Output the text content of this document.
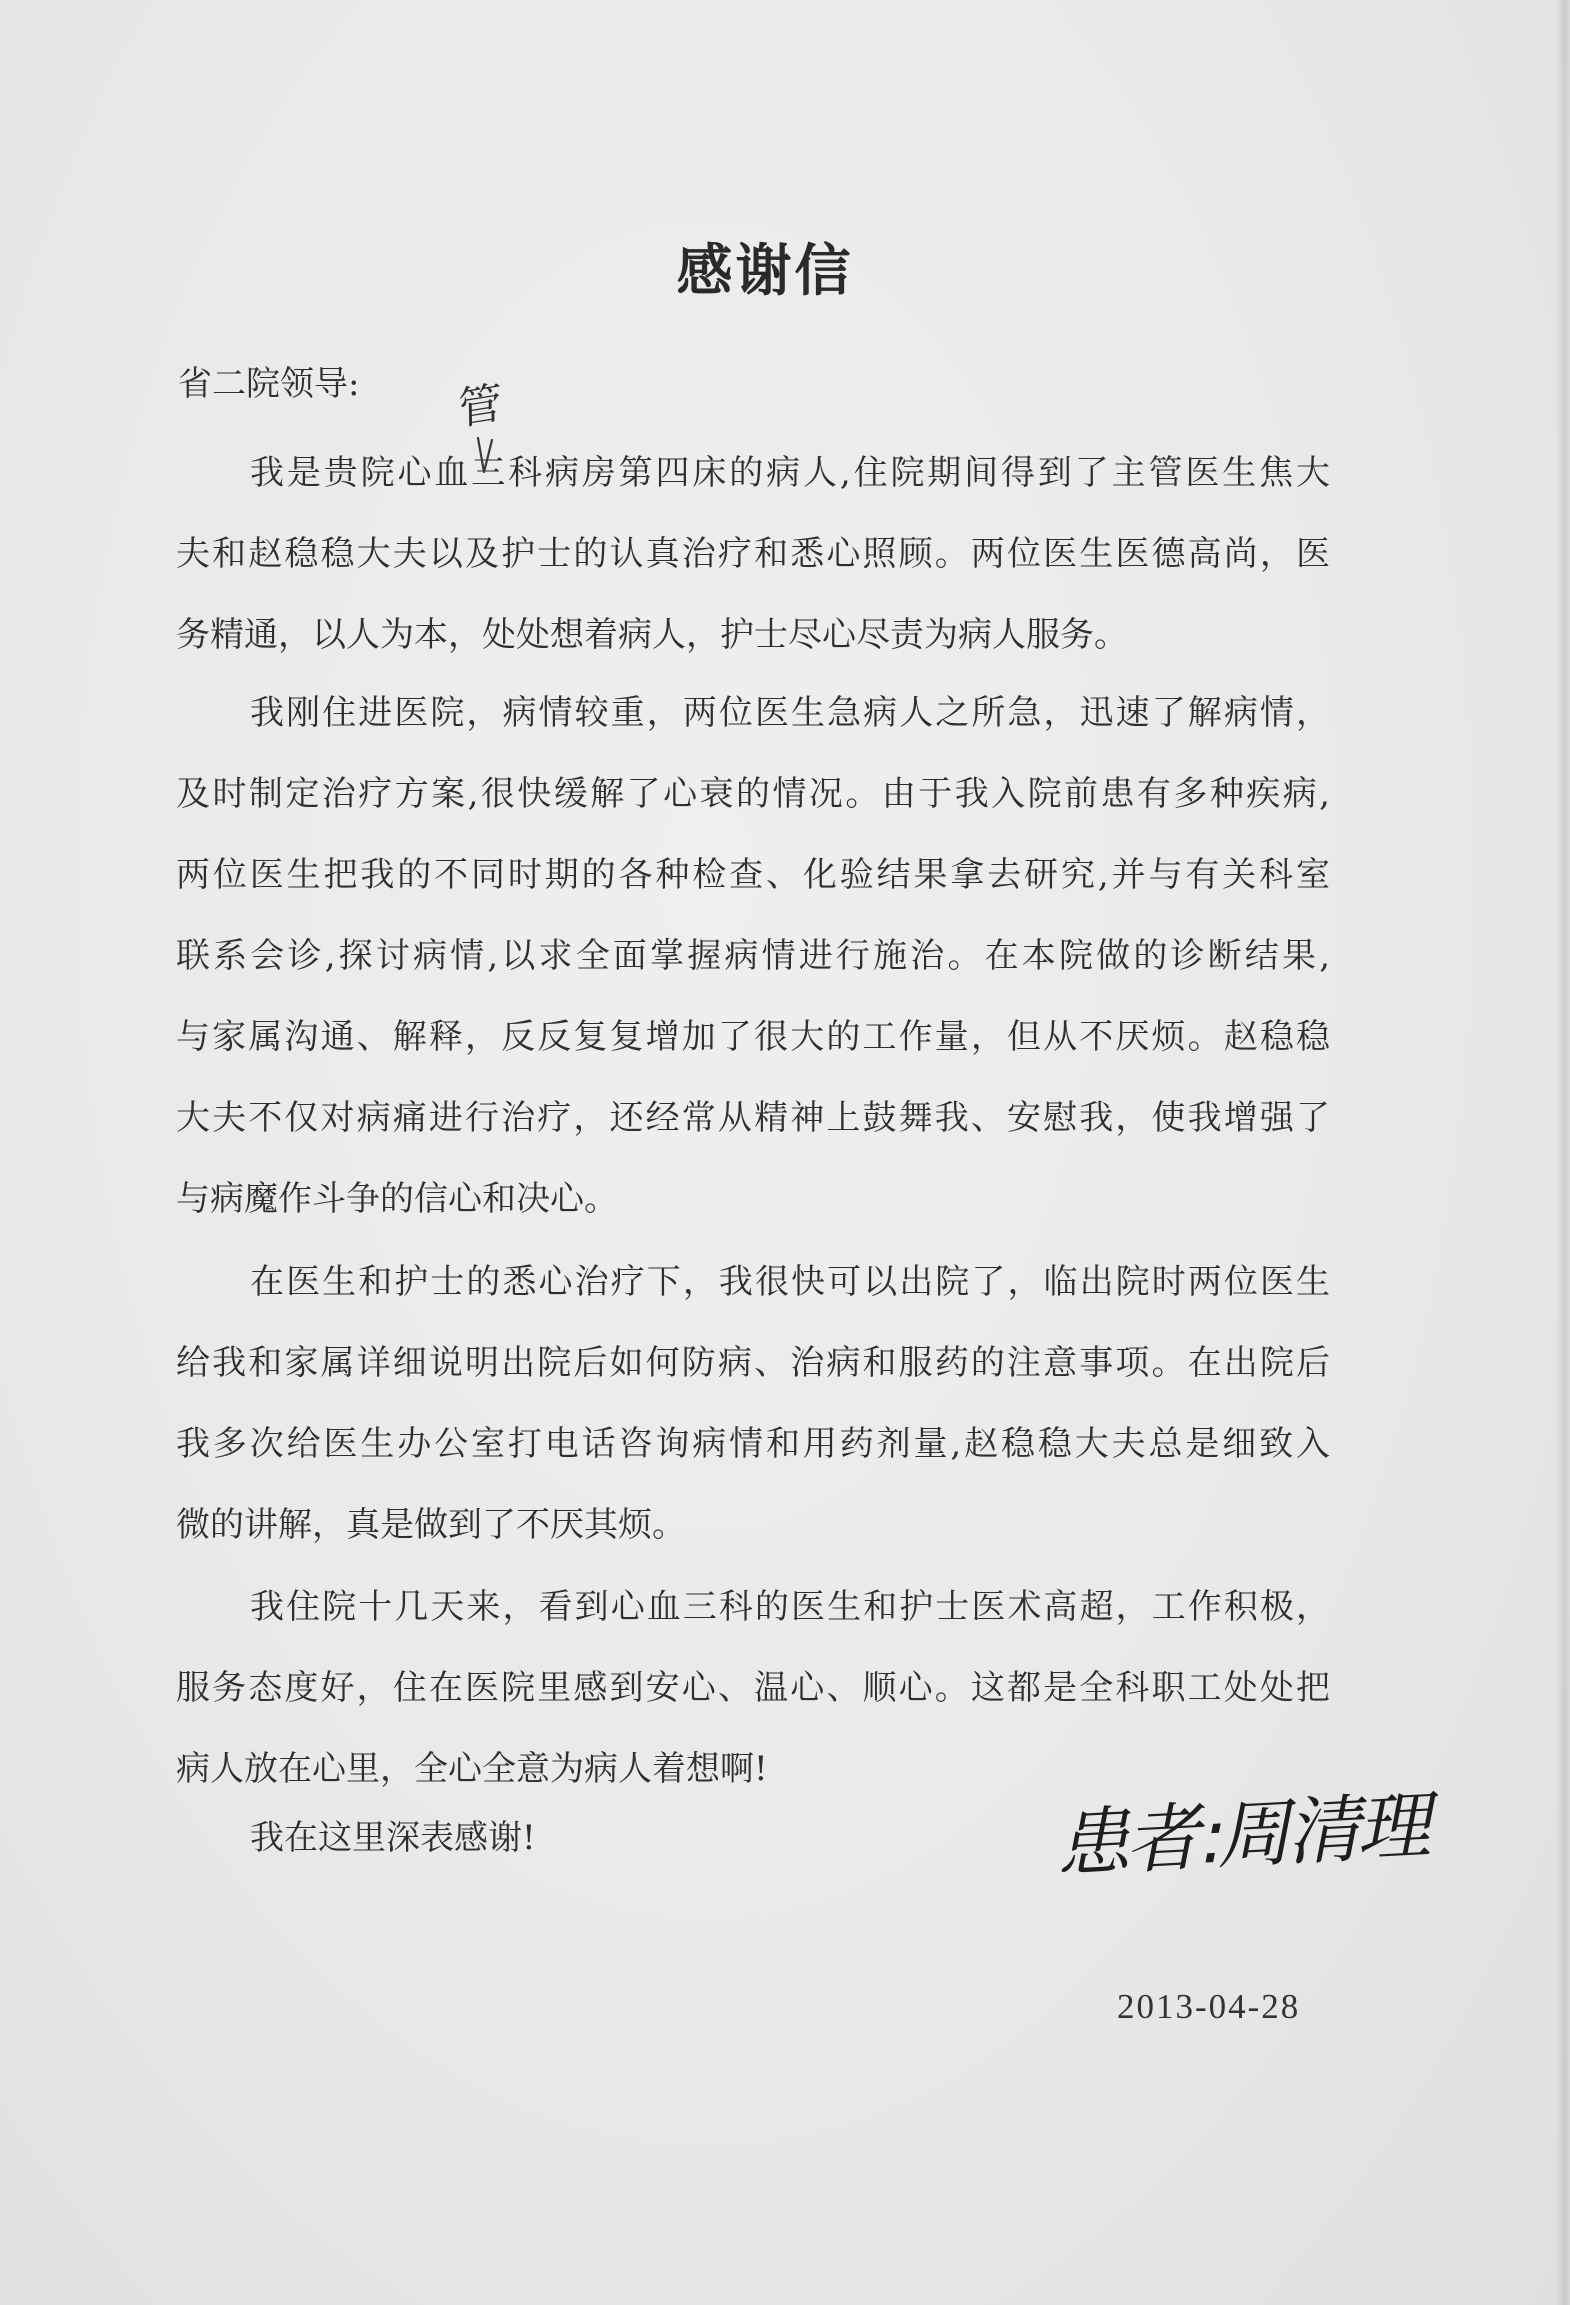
感谢信
省二院领导:
我是贵院心血三科病房第四床的病人,住院期间得到了主管医生焦大
夫和赵稳稳大夫以及护士的认真治疗和悉心照顾。两位医生医德高尚，医
务精通，以人为本，处处想着病人，护士尽心尽责为病人服务。
管
我刚住进医院，病情较重，两位医生急病人之所急，迅速了解病情，
及时制定治疗方案,很快缓解了心衰的情况。由于我入院前患有多种疾病,
两位医生把我的不同时期的各种检查、化验结果拿去研究,并与有关科室
联系会诊,探讨病情,以求全面掌握病情进行施治。在本院做的诊断结果,
与家属沟通、解释，反反复复增加了很大的工作量，但从不厌烦。赵稳稳
大夫不仅对病痛进行治疗，还经常从精神上鼓舞我、安慰我，使我增强了
与病魔作斗争的信心和决心。
在医生和护士的悉心治疗下，我很快可以出院了，临出院时两位医生
给我和家属详细说明出院后如何防病、治病和服药的注意事项。在出院后
我多次给医生办公室打电话咨询病情和用药剂量,赵稳稳大夫总是细致入
微的讲解，真是做到了不厌其烦。
我住院十几天来，看到心血三科的医生和护士医术高超，工作积极，
服务态度好，住在医院里感到安心、温心、顺心。这都是全科职工处处把
病人放在心里，全心全意为病人着想啊!
我在这里深表感谢!	患者:周清理
2013-04-28
